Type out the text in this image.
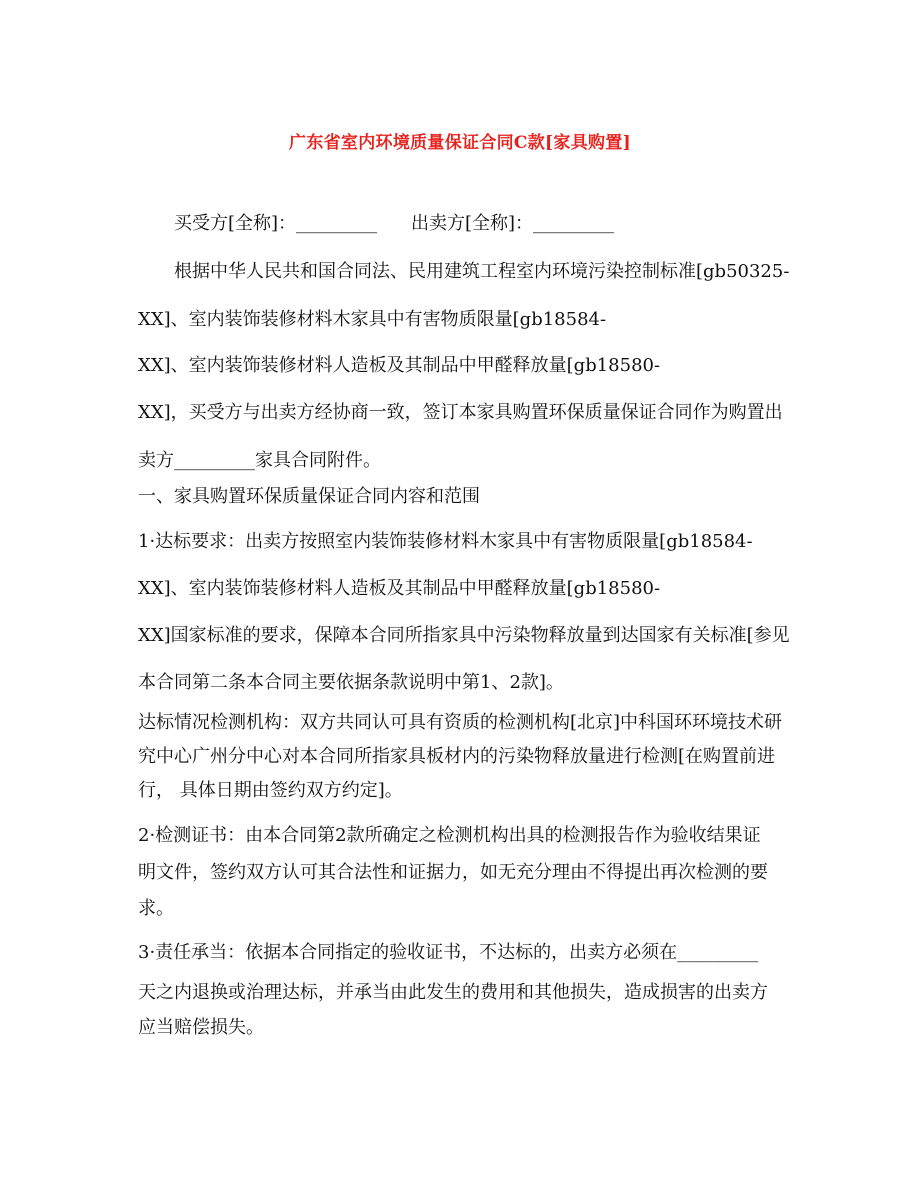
广东省室内环境质量保证合同C款[家具购置]
买受方[全称]：_________ 出卖方[全称]：_________
根据中华人民共和国合同法、民用建筑工程室内环境污染控制标准[gb50325-
XX]、室内装饰装修材料木家具中有害物质限量[gb18584-
XX]、室内装饰装修材料人造板及其制品中甲醛释放量[gb18580-
XX]，买受方与出卖方经协商一致，签订本家具购置环保质量保证合同作为购置出
卖方_________家具合同附件。
一、家具购置环保质量保证合同内容和范围
1·达标要求：出卖方按照室内装饰装修材料木家具中有害物质限量[gb18584-
XX]、室内装饰装修材料人造板及其制品中甲醛释放量[gb18580-
XX]国家标准的要求，保障本合同所指家具中污染物释放量到达国家有关标准[参见
本合同第二条本合同主要依据条款说明中第1、2款]。
达标情况检测机构：双方共同认可具有资质的检测机构[北京]中科国环环境技术研
究中心广州分中心对本合同所指家具板材内的污染物释放量进行检测[在购置前进
行， 具体日期由签约双方约定]。
2·检测证书：由本合同第2款所确定之检测机构出具的检测报告作为验收结果证
明文件，签约双方认可其合法性和证据力，如无充分理由不得提出再次检测的要
求。
3·责任承当：依据本合同指定的验收证书，不达标的，出卖方必须在_________
天之内退换或治理达标，并承当由此发生的费用和其他损失，造成损害的出卖方
应当赔偿损失。
